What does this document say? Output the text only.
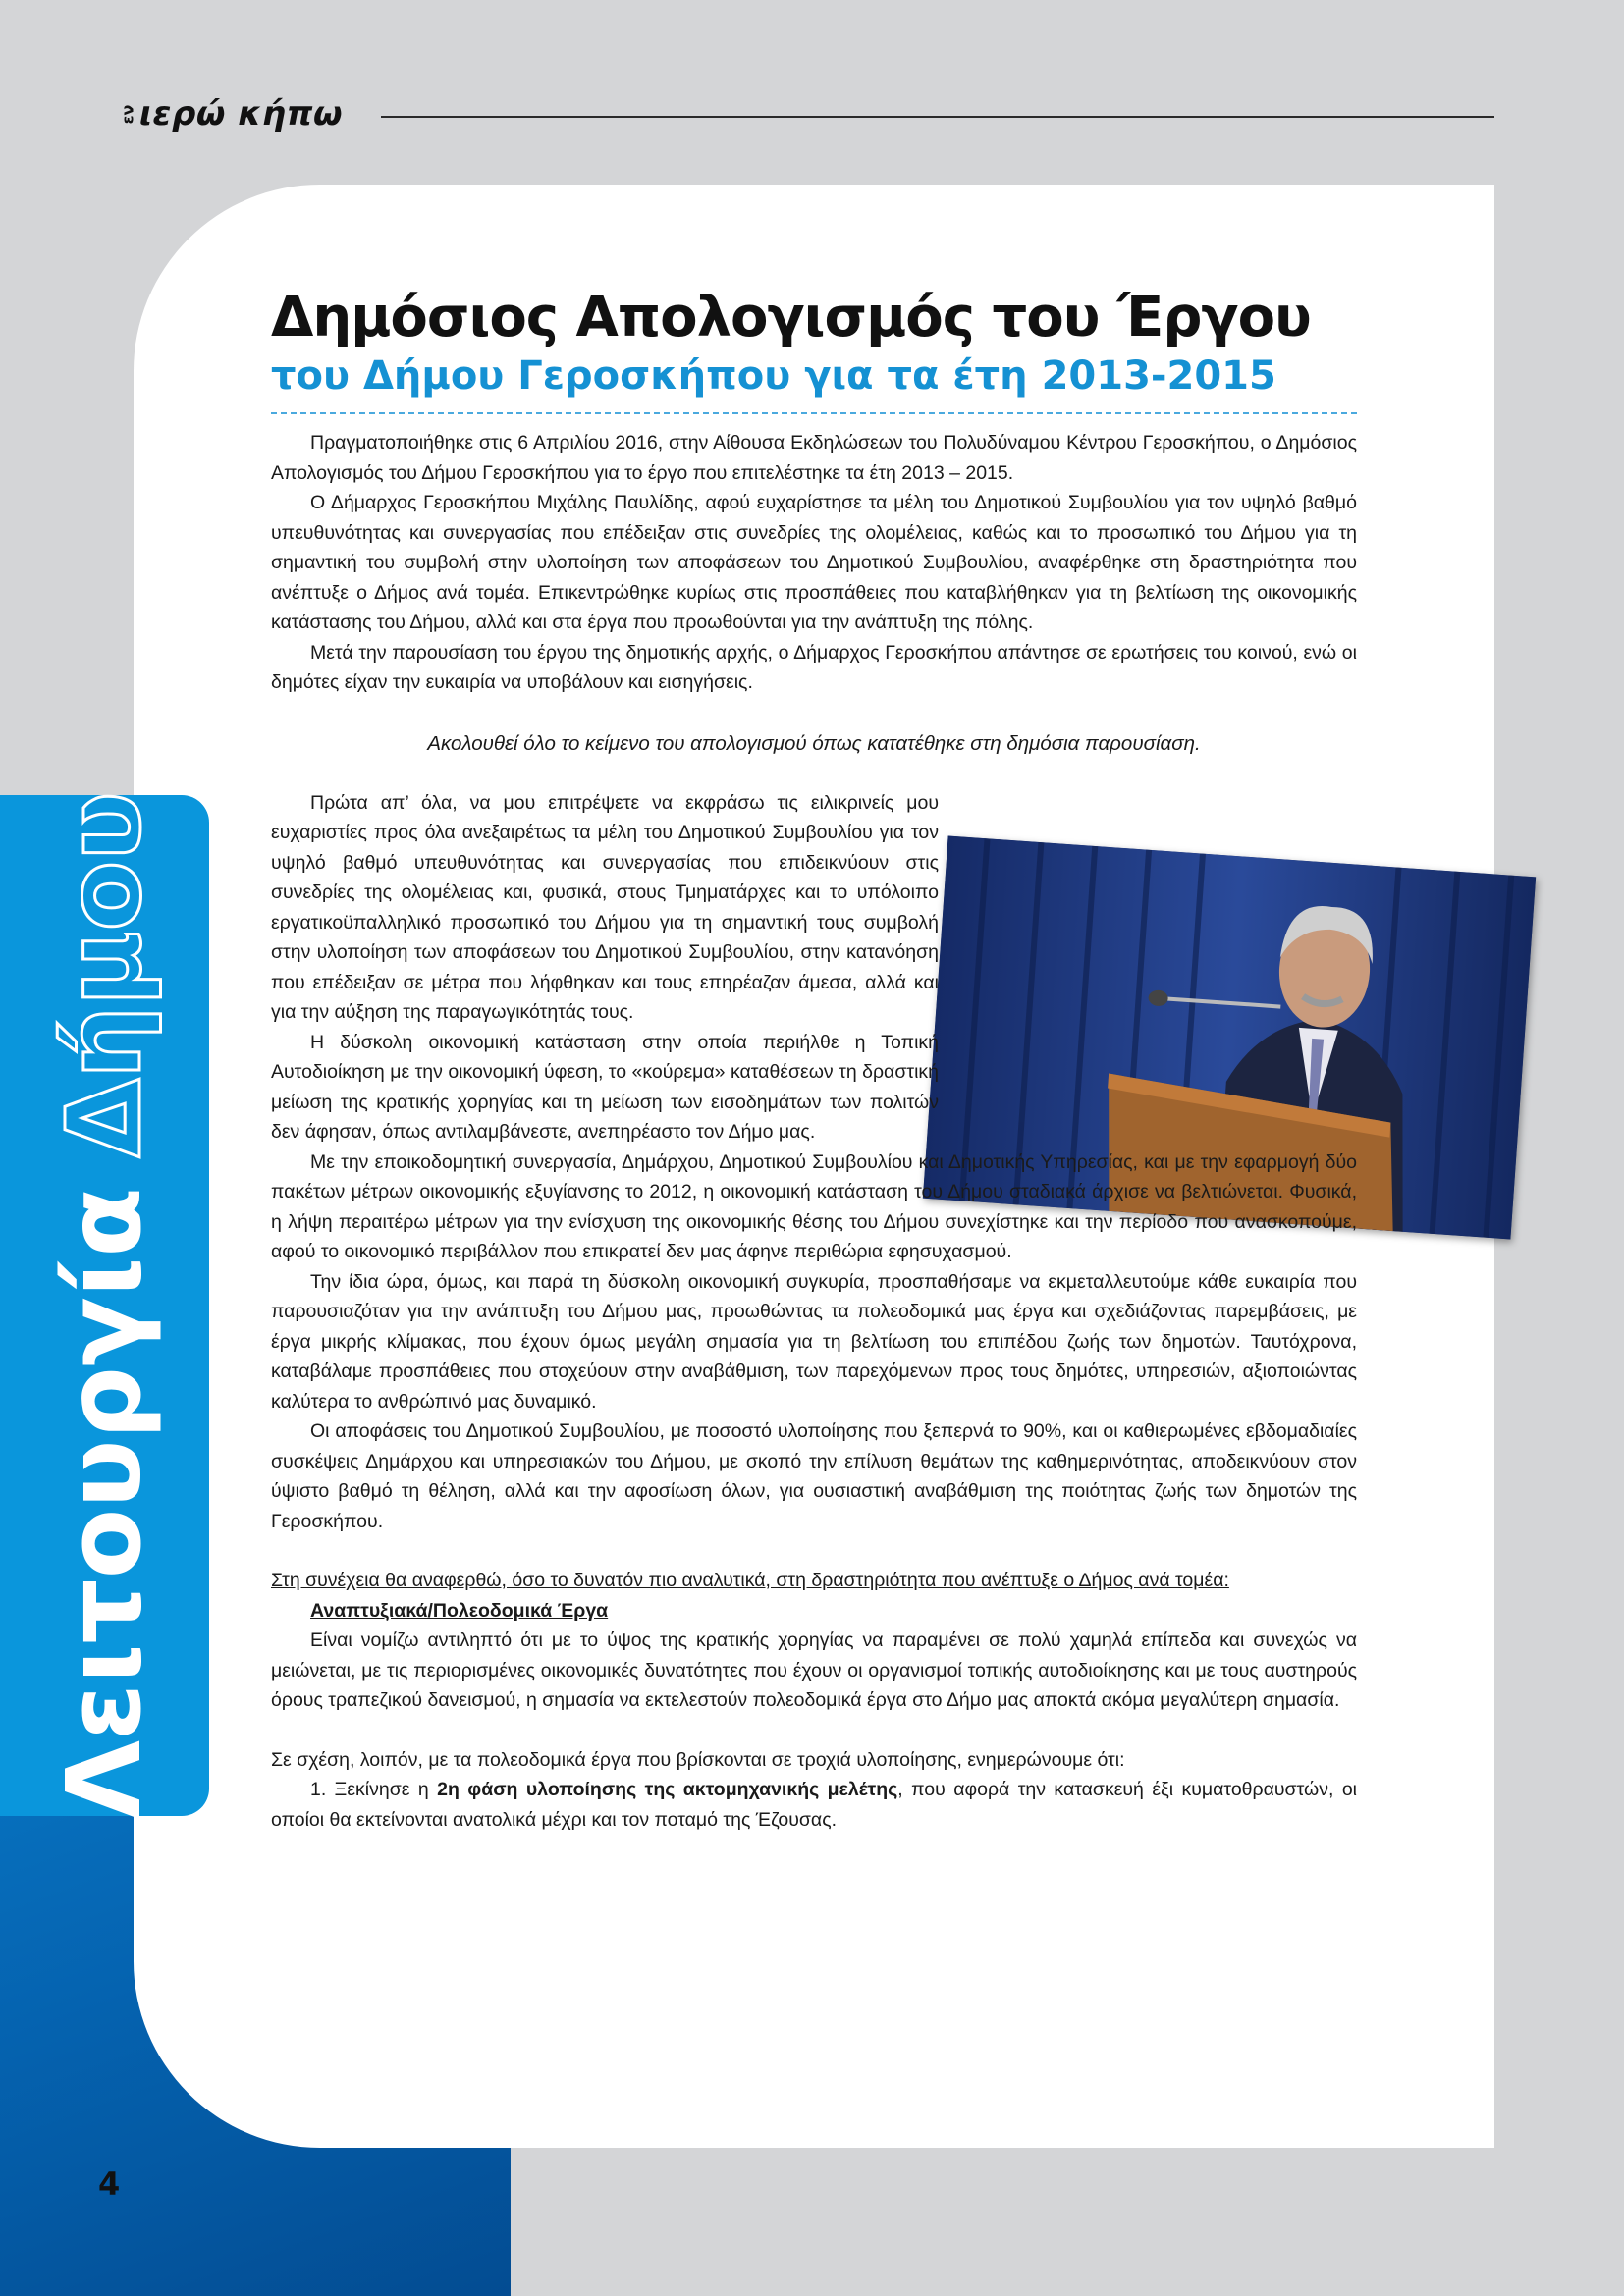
εν ιερώ κήπω
Λειτουργία
Δήμου
Δημόσιος Απολογισμός του Έργου
του Δήμου Γεροσκήπου για τα έτη 2013-2015

Πραγματοποιήθηκε στις 6 Απριλίου 2016, στην Αίθουσα Εκδηλώσεων του Πολυδύναμου Κέντρου Γεροσκήπου, ο Δημόσιος Απολογισμός του Δήμου Γεροσκήπου για το έργο που επιτελέστηκε τα έτη 2013 – 2015.

Ο Δήμαρχος Γεροσκήπου Μιχάλης Παυλίδης, αφού ευχαρίστησε τα μέλη του Δημοτικού Συμβουλίου για τον υψηλό βαθμό υπευθυνότητας και συνεργασίας που επέδειξαν στις συνεδρίες της ολομέλειας, καθώς και το προσωπικό του Δήμου για τη σημαντική του συμβολή στην υλοποίηση των αποφάσεων του Δημοτικού Συμβουλίου, αναφέρθηκε στη δραστηριότητα που ανέπτυξε ο Δήμος ανά τομέα. Επικεντρώθηκε κυρίως στις προσπάθειες που καταβλήθηκαν για τη βελτίωση της οικονομικής κατάστασης του Δήμου, αλλά και στα έργα που προωθούνται για την ανάπτυξη της πόλης.

Μετά την παρουσίαση του έργου της δημοτικής αρχής, ο Δήμαρχος Γεροσκήπου απάντησε σε ερωτήσεις του κοινού, ενώ οι δημότες είχαν την ευκαιρία να υποβάλουν και εισηγήσεις.

Ακολουθεί όλο το κείμενο του απολογισμού όπως κατατέθηκε στη δημόσια παρουσίαση.

Πρώτα απ’ όλα, να μου επιτρέψετε να εκφράσω τις ειλικρινείς μου ευχαριστίες προς όλα ανεξαιρέτως τα μέλη του Δημοτικού Συμβουλίου για τον υψηλό βαθμό υπευθυνότητας και συνεργασίας που επιδεικνύουν στις συνεδρίες της ολομέλειας και, φυσικά, στους Τμηματάρχες και το υπόλοιπο εργατικοϋπαλληλικό προσωπικό του Δήμου για τη σημαντική τους συμβολή στην υλοποίηση των αποφάσεων του Δημοτικού Συμβουλίου, στην κατανόηση που επέδειξαν σε μέτρα που λήφθηκαν και τους επηρέαζαν άμεσα, αλλά και για την αύξηση της παραγωγικότητάς τους.

Η δύσκολη οικονομική κατάσταση στην οποία περιήλθε η Τοπική Αυτοδιοίκηση με την οικονομική ύφεση, το «κούρεμα» καταθέσεων τη δραστική μείωση της κρατικής χορηγίας και τη μείωση των εισοδημάτων των πολιτών δεν άφησαν, όπως αντιλαμβάνεστε, ανεπηρέαστο τον Δήμο μας.

Με την εποικοδομητική συνεργασία, Δημάρχου, Δημοτικού Συμβουλίου και Δημοτικής Υπηρεσίας, και με την εφαρμογή δύο πακέτων μέτρων οικονομικής εξυγίανσης το 2012, η οικονομική κατάσταση του Δήμου σταδιακά άρχισε να βελτιώνεται. Φυσικά, η λήψη περαιτέρω μέτρων για την ενίσχυση της οικονομικής θέσης του Δήμου συνεχίστηκε και την περίοδο που ανασκοπούμε, αφού το οικονομικό περιβάλλον που επικρατεί δεν μας άφηνε περιθώρια εφησυχασμού.

Την ίδια ώρα, όμως, και παρά τη δύσκολη οικονομική συγκυρία, προσπαθήσαμε να εκμεταλλευτούμε κάθε ευκαιρία που παρουσιαζόταν για την ανάπτυξη του Δήμου μας, προωθώντας τα πολεοδομικά μας έργα και σχεδιάζοντας παρεμβάσεις, με έργα μικρής κλίμακας, που έχουν όμως μεγάλη σημασία για τη βελτίωση του επιπέδου ζωής των δημοτών. Ταυτόχρονα, καταβάλαμε προσπάθειες που στοχεύουν στην αναβάθμιση, των παρεχόμενων προς τους δημότες, υπηρεσιών, αξιοποιώντας καλύτερα το ανθρώπινό μας δυναμικό.

Οι αποφάσεις του Δημοτικού Συμβουλίου, με ποσοστό υλοποίησης που ξεπερνά το 90%, και οι καθιερωμένες εβδομαδιαίες συσκέψεις Δημάρχου και υπηρεσιακών του Δήμου, με σκοπό την επίλυση θεμάτων της καθημερινότητας, αποδεικνύουν στον ύψιστο βαθμό τη θέληση, αλλά και την αφοσίωση όλων, για ουσιαστική αναβάθμιση της ποιότητας ζωής των δημοτών της Γεροσκήπου.

Στη συνέχεια θα αναφερθώ, όσο το δυνατόν πιο αναλυτικά, στη δραστηριότητα που ανέπτυξε ο Δήμος ανά τομέα:

Αναπτυξιακά/Πολεοδομικά Έργα

Είναι νομίζω αντιληπτό ότι με το ύψος της κρατικής χορηγίας να παραμένει σε πολύ χαμηλά επίπεδα και συνεχώς να μειώνεται, με τις περιορισμένες οικονομικές δυνατότητες που έχουν οι οργανισμοί τοπικής αυτοδιοίκησης και με τους αυστηρούς όρους τραπεζικού δανεισμού, η σημασία να εκτελεστούν πολεοδομικά έργα στο Δήμο μας αποκτά ακόμα μεγαλύτερη σημασία.

Σε σχέση, λοιπόν, με τα πολεοδομικά έργα που βρίσκονται σε τροχιά υλοποίησης, ενημερώνουμε ότι:

1. Ξεκίνησε η 2η φάση υλοποίησης της ακτομηχανικής μελέτης, που αφορά την κατασκευή έξι κυματοθραυστών, οι οποίοι θα εκτείνονται ανατολικά μέχρι και τον ποταμό της Έζουσας.

4
